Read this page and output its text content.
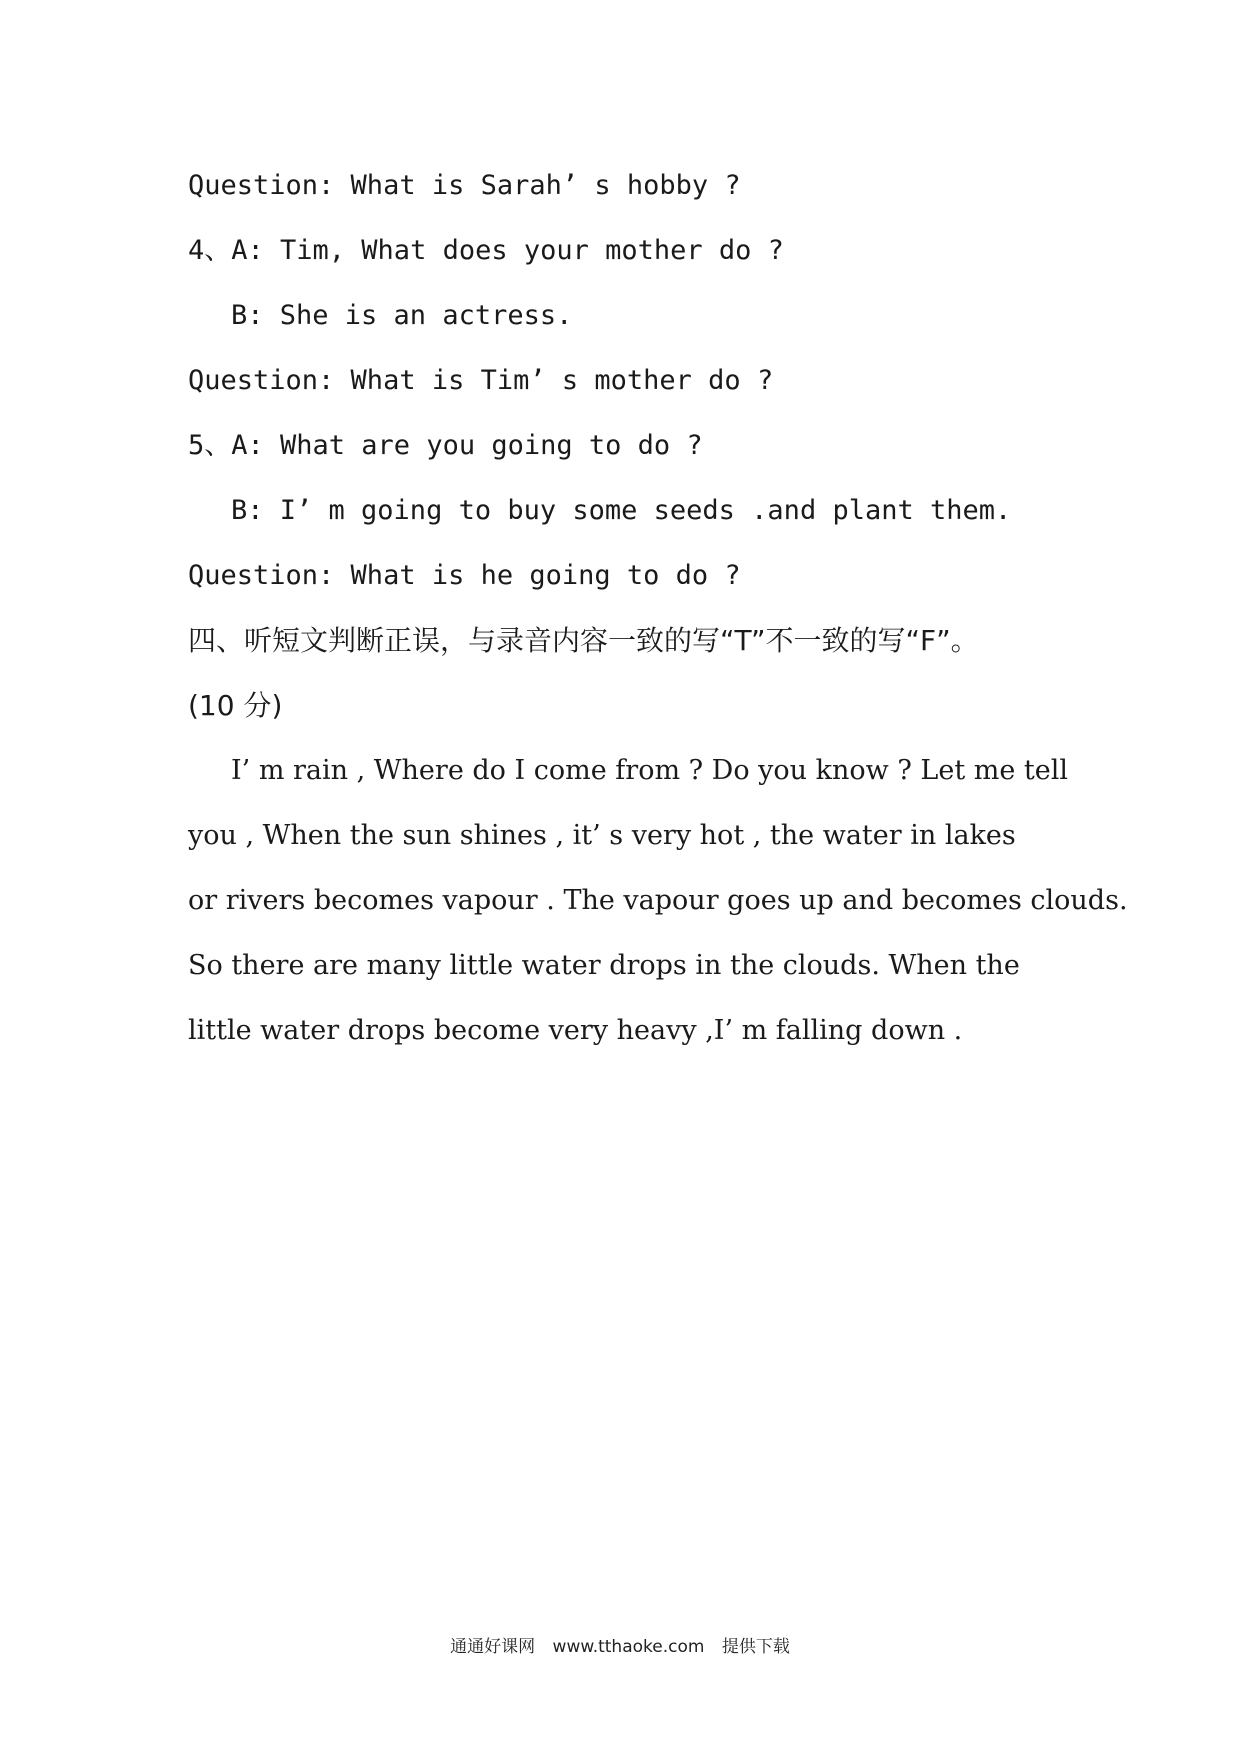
Question: What is Sarah’ s hobby ?
4、A: Tim, What does your mother do ?
B: She is an actress.
Question: What is Tim’ s mother do ?
5、A: What are you going to do ?
B: I’ m going to buy some seeds .and plant them.
Question: What is he going to do ?
四、听短文判断正误，与录音内容一致的写“T”不一致的写“F”。
(10 分)
I’ m rain , Where do I come from ? Do you know ? Let me tell
you , When the sun shines , it’ s very hot , the water in lakes
or rivers becomes vapour . The vapour goes up and becomes clouds.
So there are many little water drops in the clouds. When the
little water drops become very heavy ,I’ m falling down .
通通好课网 www.tthaoke.com 提供下载
